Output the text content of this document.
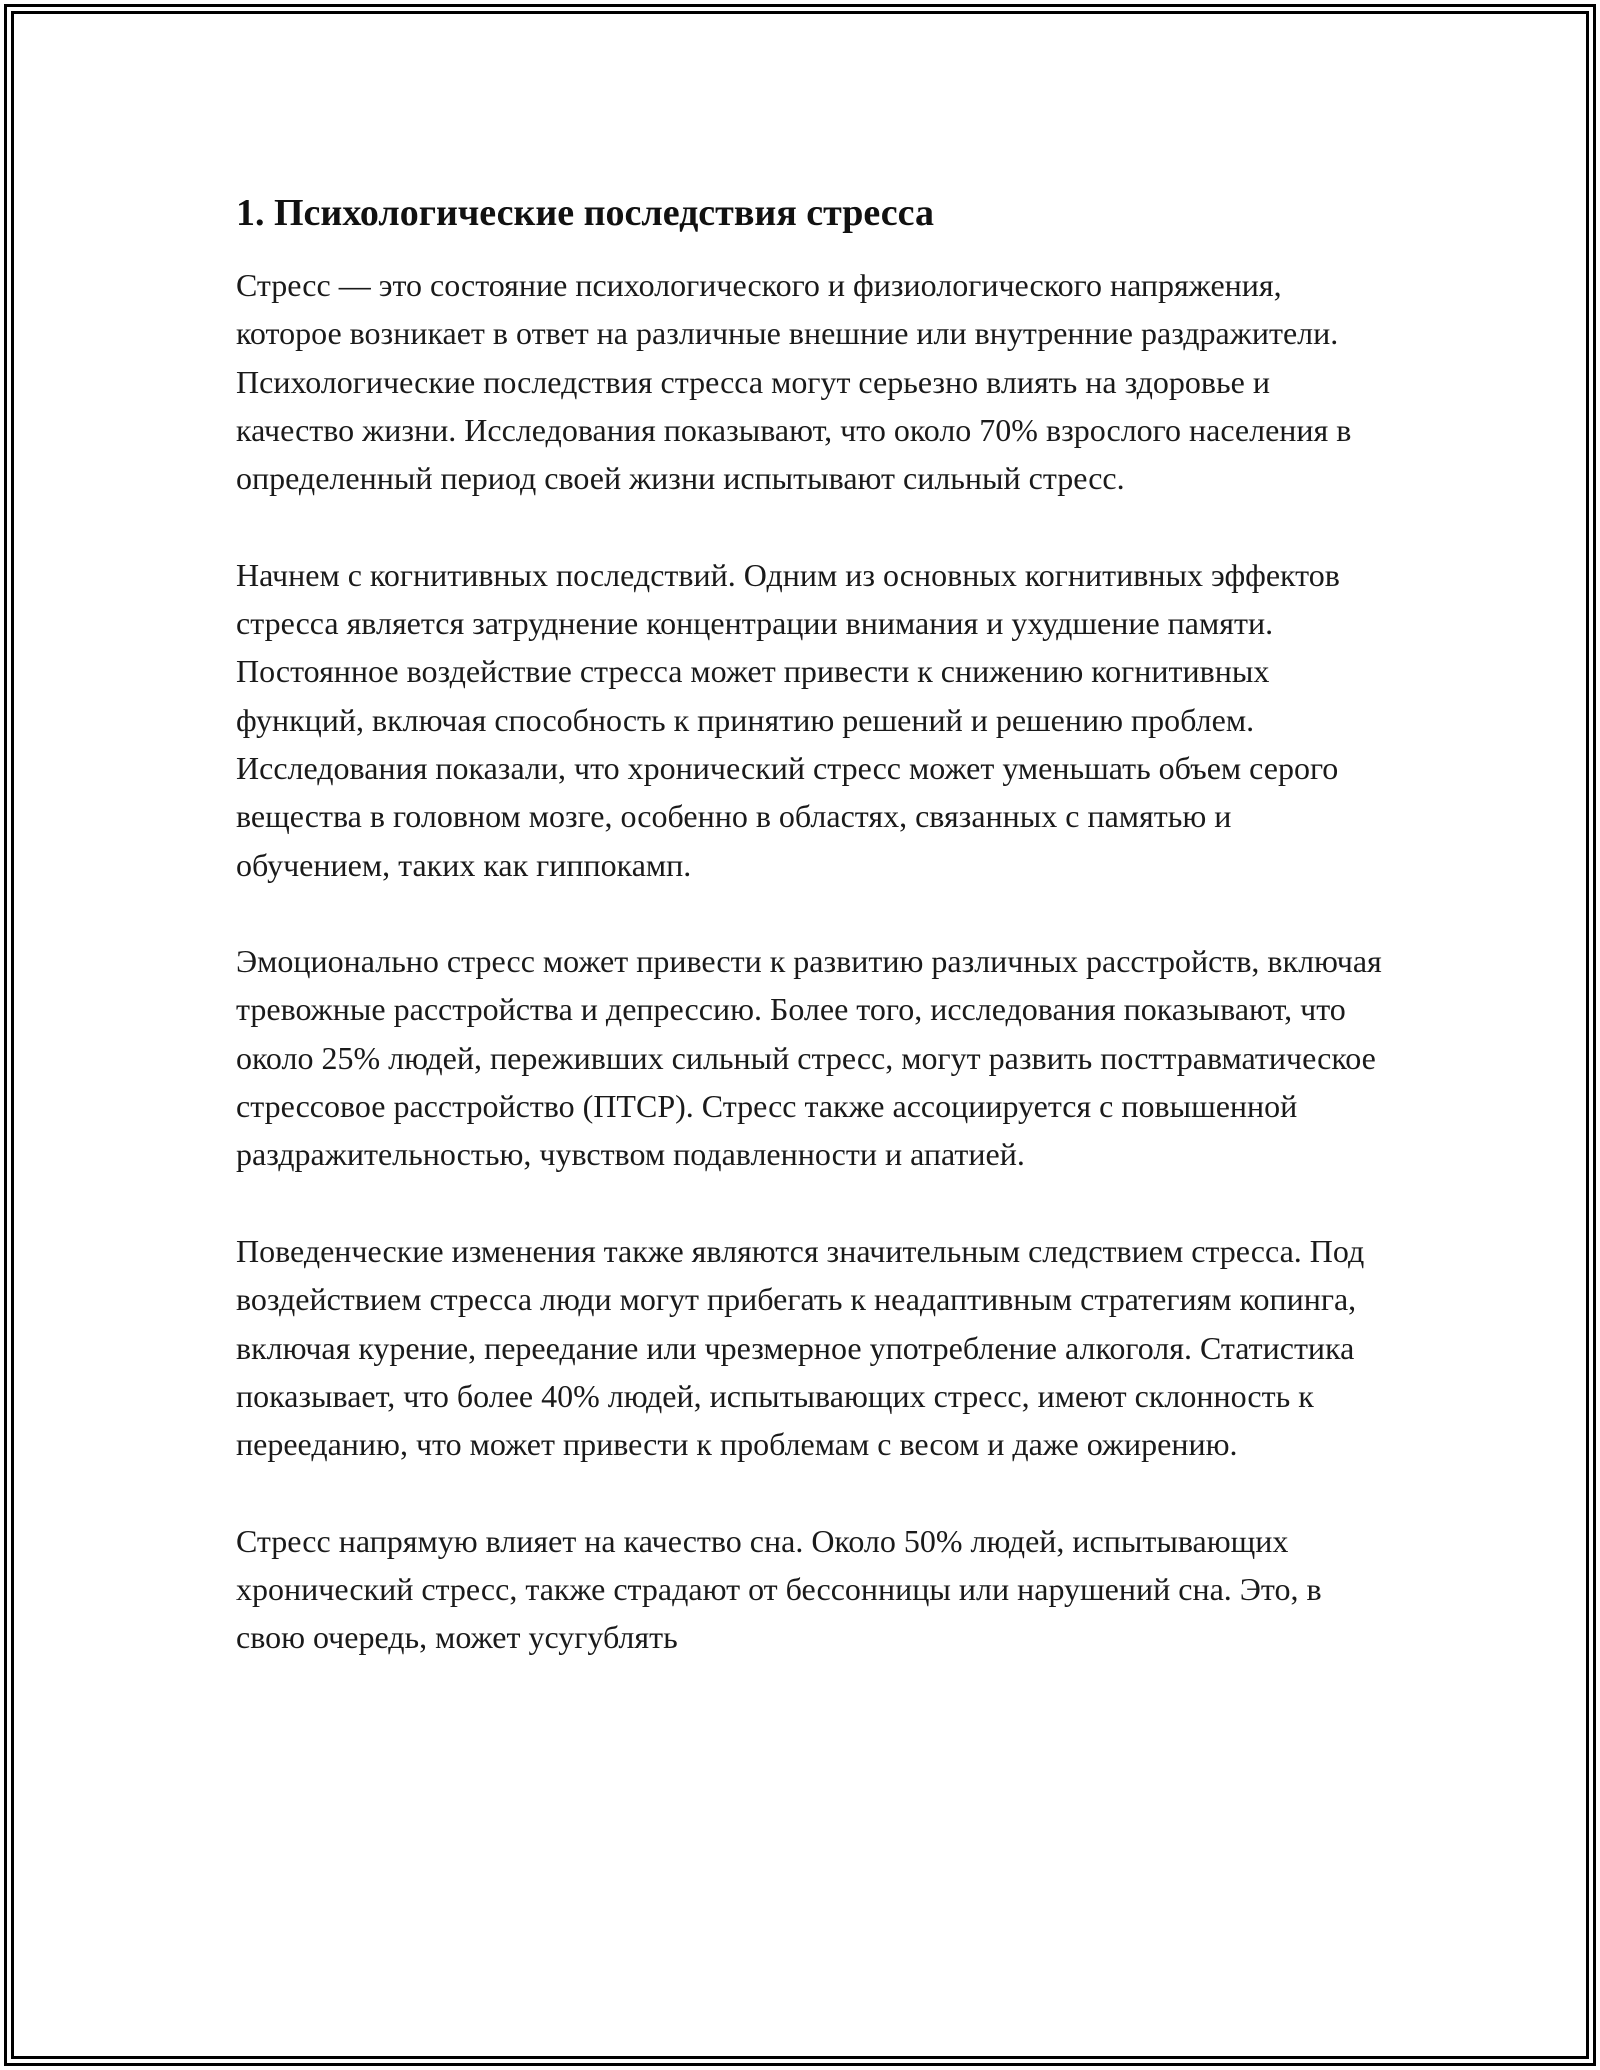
1. Психологические последствия стресса

Стресс — это состояние психологического и физиологического напряжения, которое возникает в ответ на различные внешние или внутренние раздражители. Психологические последствия стресса могут серьезно влиять на здоровье и качество жизни. Исследования показывают, что около 70% взрослого населения в определенный период своей жизни испытывают сильный стресс.

Начнем с когнитивных последствий. Одним из основных когнитивных эффектов стресса является затруднение концентрации внимания и ухудшение памяти. Постоянное воздействие стресса может привести к снижению когнитивных функций, включая способность к принятию решений и решению проблем. Исследования показали, что хронический стресс может уменьшать объем серого вещества в головном мозге, особенно в областях, связанных с памятью и обучением, таких как гиппокамп.

Эмоционально стресс может привести к развитию различных расстройств, включая тревожные расстройства и депрессию. Более того, исследования показывают, что около 25% людей, переживших сильный стресс, могут развить посттравматическое стрессовое расстройство (ПТСР). Стресс также ассоциируется с повышенной раздражительностью, чувством подавленности и апатией.

Поведенческие изменения также являются значительным следствием стресса. Под воздействием стресса люди могут прибегать к неадаптивным стратегиям копинга, включая курение, переедание или чрезмерное употребление алкоголя. Статистика показывает, что более 40% людей, испытывающих стресс, имеют склонность к перееданию, что может привести к проблемам с весом и даже ожирению.

Стресс напрямую влияет на качество сна. Около 50% людей, испытывающих хронический стресс, также страдают от бессонницы или нарушений сна. Это, в свою очередь, может усугублять
